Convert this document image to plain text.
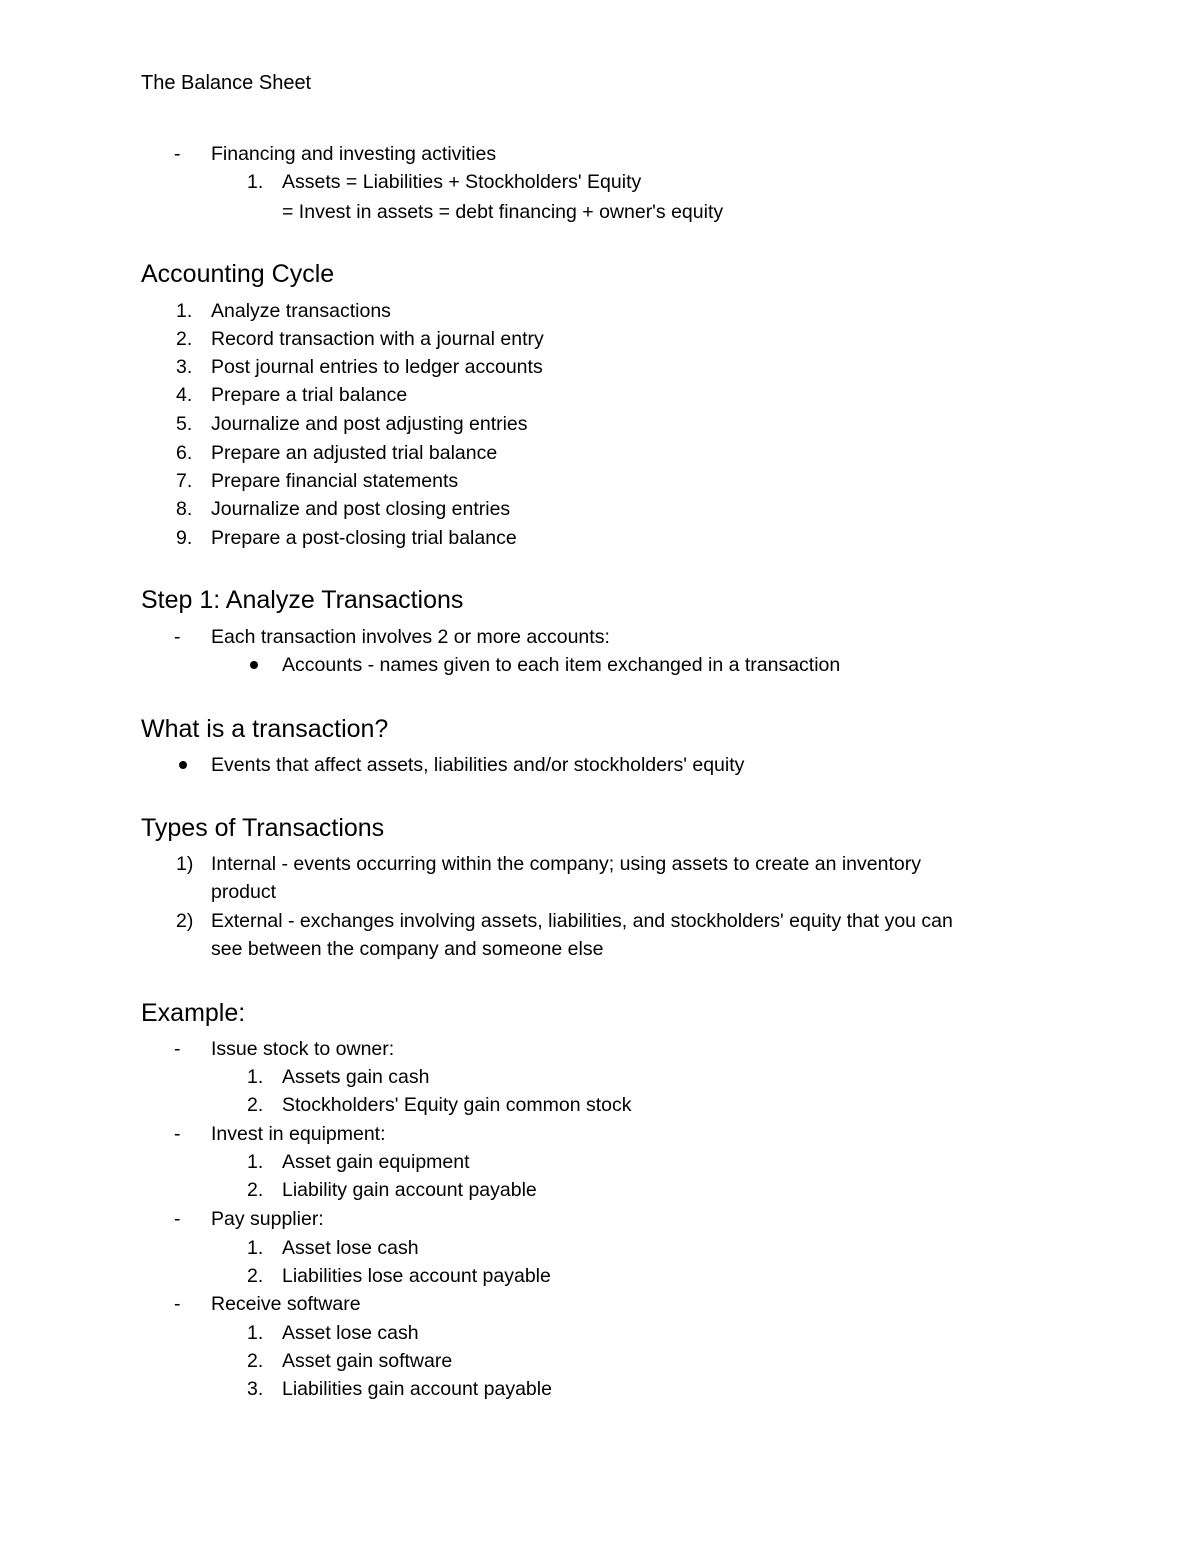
The Balance Sheet
-	Financing and investing activities
1. Assets = Liabilities + Stockholders' Equity
= Invest in assets = debt financing + owner's equity
Accounting Cycle
1. Analyze transactions
2. Record transaction with a journal entry
3. Post journal entries to ledger accounts
4. Prepare a trial balance
5. Journalize and post adjusting entries
6. Prepare an adjusted trial balance
7. Prepare financial statements
8. Journalize and post closing entries
9. Prepare a post-closing trial balance
Step 1: Analyze Transactions
-	Each transaction involves 2 or more accounts:
Accounts - names given to each item exchanged in a transaction
What is a transaction?
Events that affect assets, liabilities and/or stockholders' equity
Types of Transactions
1) Internal - events occurring within the company; using assets to create an inventory
product
2) External - exchanges involving assets, liabilities, and stockholders' equity that you can
see between the company and someone else
Example:
-	Issue stock to owner:
1. Assets gain cash
2. Stockholders' Equity gain common stock
-	Invest in equipment:
1. Asset gain equipment
2. Liability gain account payable
-	Pay supplier:
1. Asset lose cash
2. Liabilities lose account payable
-	Receive software
1. Asset lose cash
2. Asset gain software
3. Liabilities gain account payable
